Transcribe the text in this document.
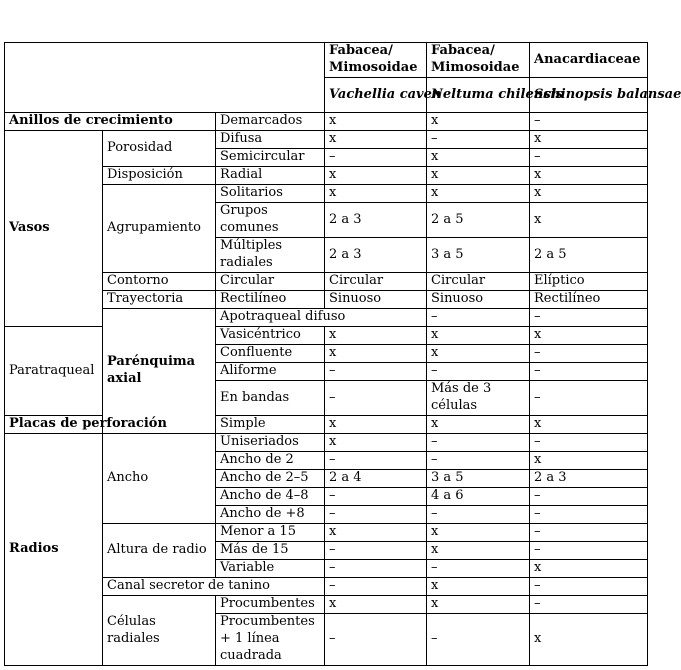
			Fabacea/ Mimosoidae	Fabacea/ Mimosoidae	Anacardiaceae	
			Vachellia caven	Neltuma chilensis	Schinopsis balansae	
Anillos de crecimiento		Demarcados	x	x	–	
Vasos	Porosidad	Difusa	x	–	x	
		Semicircular	–	x	–	
	Disposición	Radial	x	x	x	
	Agrupamiento	Solitarios	x	x	x	
		Grupos comunes	2 a 3	2 a 5	x	
		Múltiples radiales	2 a 3	3 a 5	2 a 5	
	Contorno	Circular	Circular	Circular	Elíptico	
	Trayectoria	Rectilíneo	Sinuoso	Sinuoso	Rectilíneo	
	Parénquima axial	Apotraqueal difuso		–	–	
Paratraqueal		Vasicéntrico	x	x	x	
		Confluente	x	x	–	
		Aliforme	–	–	–	
		En bandas	–	Más de 3 células	–	
Placas de perforación		Simple	x	x	x	
Radios	Ancho	Uniseriados	x	–	–	
		Ancho de 2	–	–	x	
		Ancho de 2–5	2 a 4	3 a 5	2 a 3	
		Ancho de 4–8	–	4 a 6	–	
		Ancho de +8	–	–	–	
	Altura de radio	Menor a 15	x	x	–	
		Más de 15	–	x	–	
		Variable	–	–	x	
	Canal secretor de tanino		–	x	–	
	Células radiales	Procumbentes	x	x	–	
		Procumbentes + 1 línea cuadrada	–	–	x	
